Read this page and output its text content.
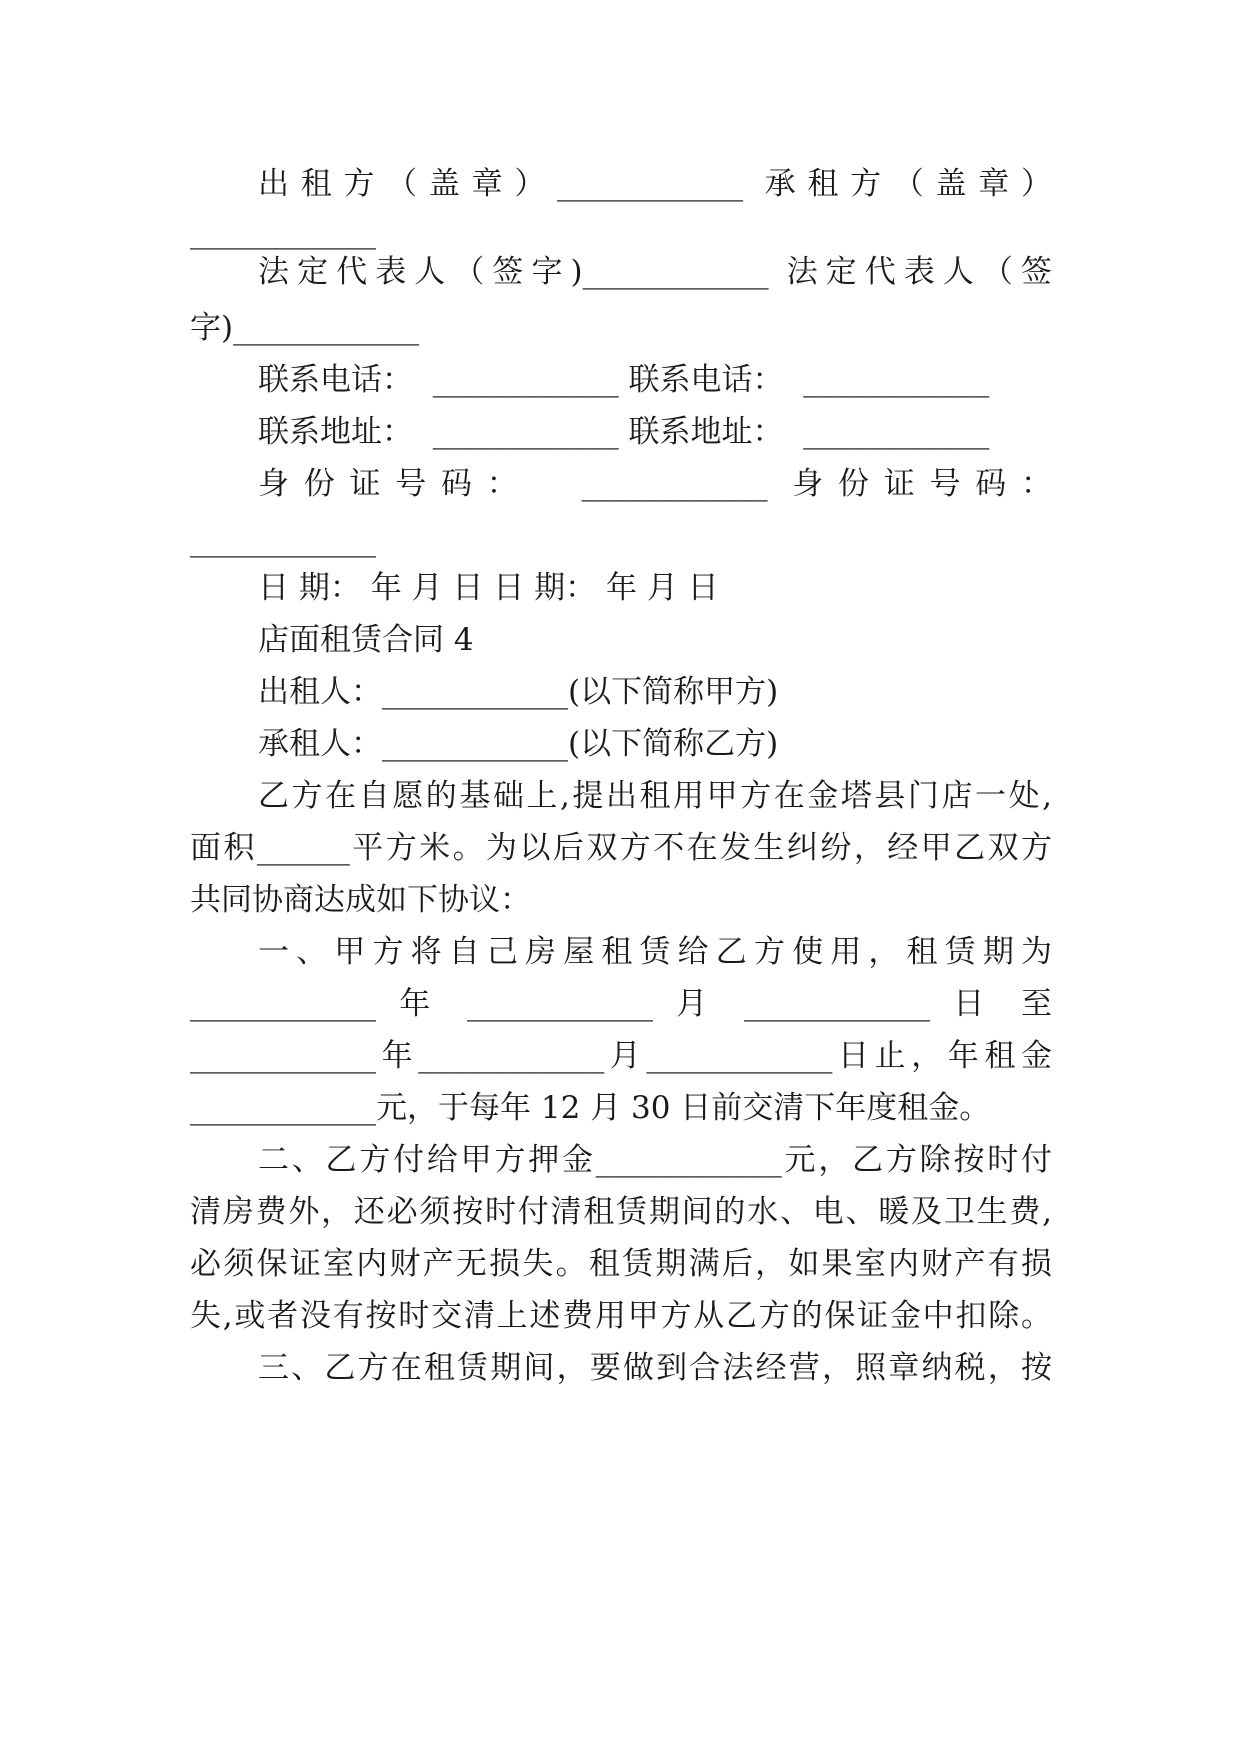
出租方（盖章）____________ 承租方（盖章）
____________
法定代表人（签字)____________ 法定代表人（签
字)____________
联系电话：  ____________ 联系电话：  ____________
联系地址：  ____________ 联系地址：  ____________
身份证号码：  ____________ 身份证号码：
____________
日 期： 年 月 日 日 期： 年 月 日
店面租赁合同 4
出租人：____________(以下简称甲方)
承租人：____________(以下简称乙方)
乙方在自愿的基础上,提出租用甲方在金塔县门店一处,
面积______平方米。为以后双方不在发生纠纷，经甲乙双方
共同协商达成如下协议：
一、甲方将自己房屋租赁给乙方使用，租赁期为
____________ 年 ____________ 月 ____________ 日 至
____________年____________月____________日止，年租金
____________元，于每年 12 月 30 日前交清下年度租金。
二、乙方付给甲方押金____________元，乙方除按时付
清房费外，还必须按时付清租赁期间的水、电、暖及卫生费,
必须保证室内财产无损失。租赁期满后，如果室内财产有损
失,或者没有按时交清上述费用甲方从乙方的保证金中扣除。
三、乙方在租赁期间，要做到合法经营，照章纳税，按
